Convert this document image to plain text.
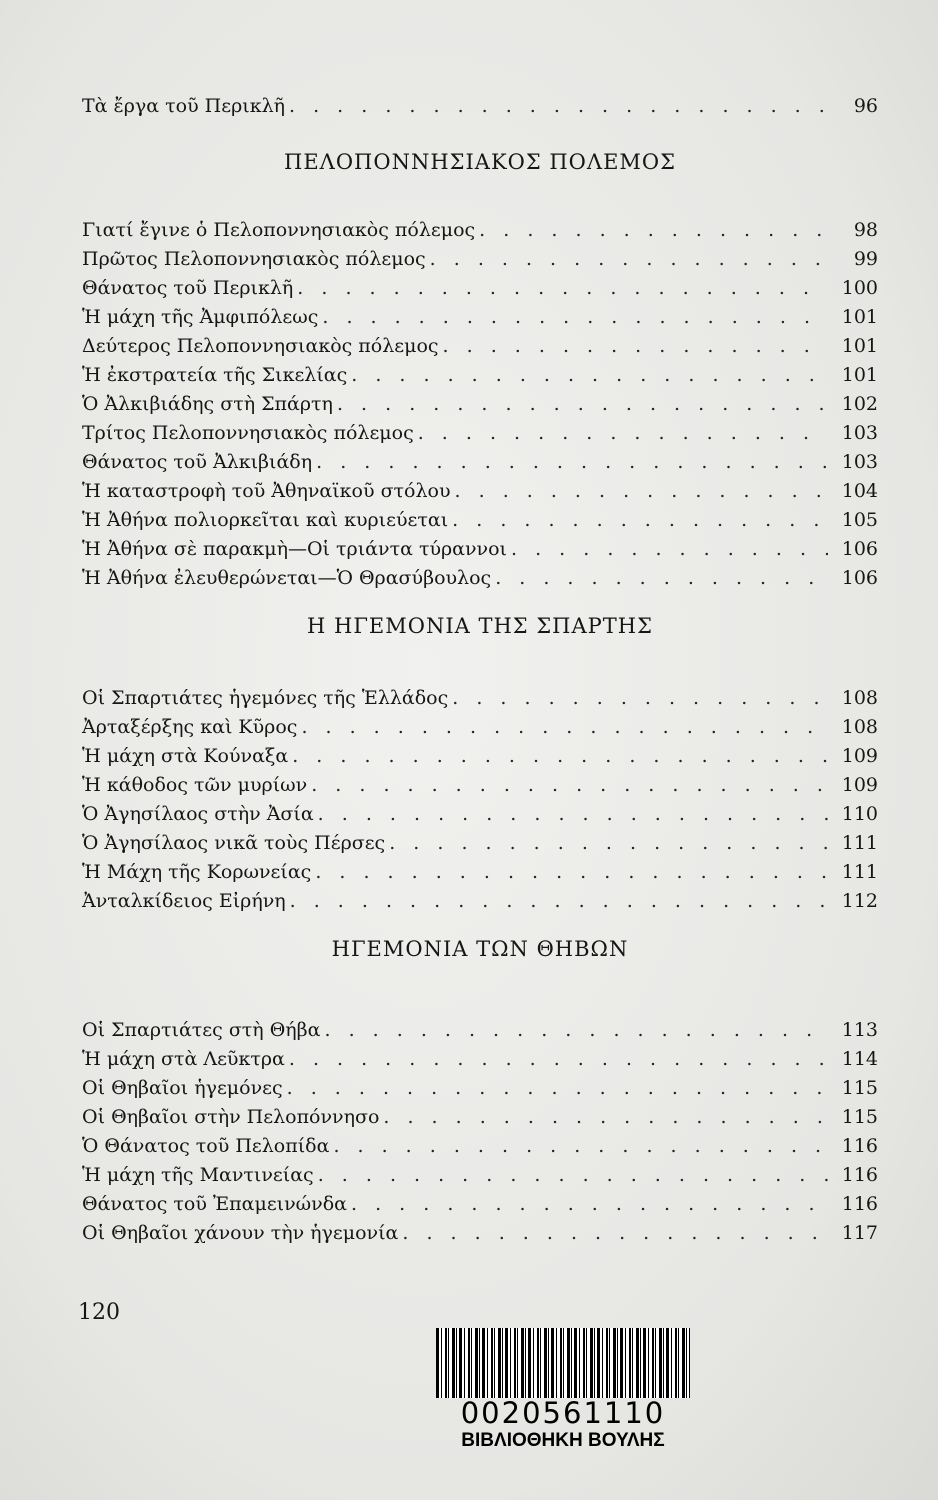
Τὰ ἔργα τοῦ Περικλῆ . . .	96
ΠΕΛΟΠΟΝΝΗΣΙΑΚΟΣ ΠΟΛΕΜΟΣ
Γιατί ἔγινε ὁ Πελοποννησιακὸς πόλεμος . . .	98
Πρῶτος Πελοποννησιακὸς πόλεμος . . .	99
Θάνατος τοῦ Περικλῆ . . .	100
Ἡ μάχη τῆς Ἀμφιπόλεως . . .	101
Δεύτερος Πελοποννησιακὸς πόλεμος . . .	101
Ἡ ἐκστρατεία τῆς Σικελίας . . .	101
Ὁ Ἀλκιβιάδης στὴ Σπάρτη . . .	102
Τρίτος Πελοποννησιακὸς πόλεμος . . .	103
Θάνατος τοῦ Ἀλκιβιάδη . . .	103
Ἡ καταστροφὴ τοῦ Ἀθηναϊκοῦ στόλου . . .	104
Ἡ Ἀθήνα πολιορκεῖται καὶ κυριεύεται . . .	105
Ἡ Ἀθήνα σὲ παρακμὴ—Οἱ τριάντα τύραννοι . . .	106
Ἡ Ἀθήνα ἐλευθερώνεται—Ὁ Θρασύβουλος . . .	106
Η ΗΓΕΜΟΝΙΑ ΤΗΣ ΣΠΑΡΤΗΣ
Οἱ Σπαρτιάτες ἡγεμόνες τῆς Ἑλλάδος . . .	108
Ἀρταξέρξης καὶ Κῦρος . . .	108
Ἡ μάχη στὰ Κούναξα . . .	109
Ἡ κάθοδος τῶν μυρίων . . .	109
Ὁ Ἀγησίλαος στὴν Ἀσία . . .	110
Ὁ Ἀγησίλαος νικᾶ τοὺς Πέρσες . . .	111
Ἡ Μάχη τῆς Κορωνείας . . .	111
Ἀνταλκίδειος Εἰρήνη . . .	112
ΗΓΕΜΟΝΙΑ ΤΩΝ ΘΗΒΩΝ
Οἱ Σπαρτιάτες στὴ Θήβα . . .	113
Ἡ μάχη στὰ Λεῦκτρα . . .	114
Οἱ Θηβαῖοι ἡγεμόνες . . .	115
Οἱ Θηβαῖοι στὴν Πελοπόννησο . . .	115
Ὁ Θάνατος τοῦ Πελοπίδα . . .	116
Ἡ μάχη τῆς Μαντινείας . . .	116
Θάνατος τοῦ Ἐπαμεινώνδα . . .	116
Οἱ Θηβαῖοι χάνουν τὴν ἡγεμονία . . .	117
120
0020561110
ΒΙΒΛΙΟΘΗΚΗ ΒΟΥΛΗΣ
